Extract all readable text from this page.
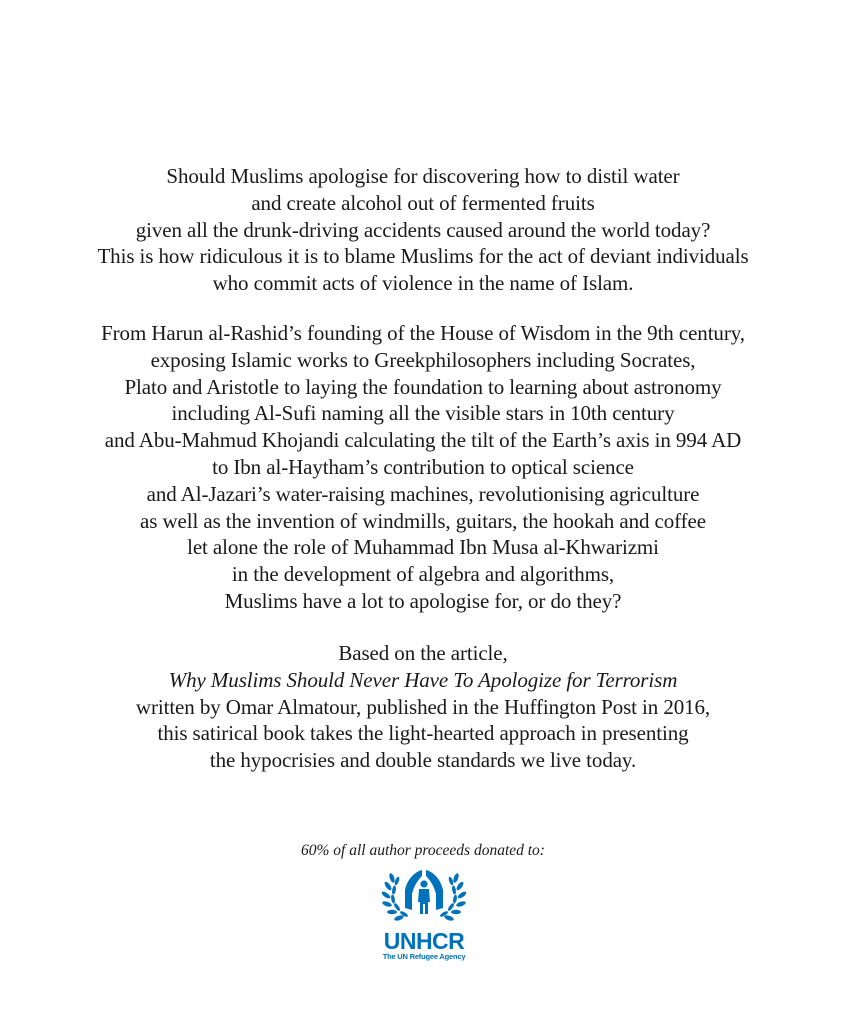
Should Muslims apologise for discovering how to distil water
and create alcohol out of fermented fruits
given all the drunk-driving accidents caused around the world today?
This is how ridiculous it is to blame Muslims for the act of deviant individuals
who commit acts of violence in the name of Islam.
From Harun al-Rashid’s founding of the House of Wisdom in the 9th century,
exposing Islamic works to Greekphilosophers including Socrates,
Plato and Aristotle to laying the foundation to learning about astronomy
including Al-Sufi naming all the visible stars in 10th century
and Abu-Mahmud Khojandi calculating the tilt of the Earth’s axis in 994 AD
to Ibn al-Haytham’s contribution to optical science
and Al-Jazari’s water-raising machines, revolutionising agriculture
as well as the invention of windmills, guitars, the hookah and coffee
let alone the role of Muhammad Ibn Musa al-Khwarizmi
in the development of algebra and algorithms,
Muslims have a lot to apologise for, or do they?
Based on the article,
Why Muslims Should Never Have To Apologize for Terrorism
written by Omar Almatour, published in the Huffington Post in 2016,
this satirical book takes the light-hearted approach in presenting
the hypocrisies and double standards we live today.
60% of all author proceeds donated to:
UNHCR
The UN Refugee Agency
